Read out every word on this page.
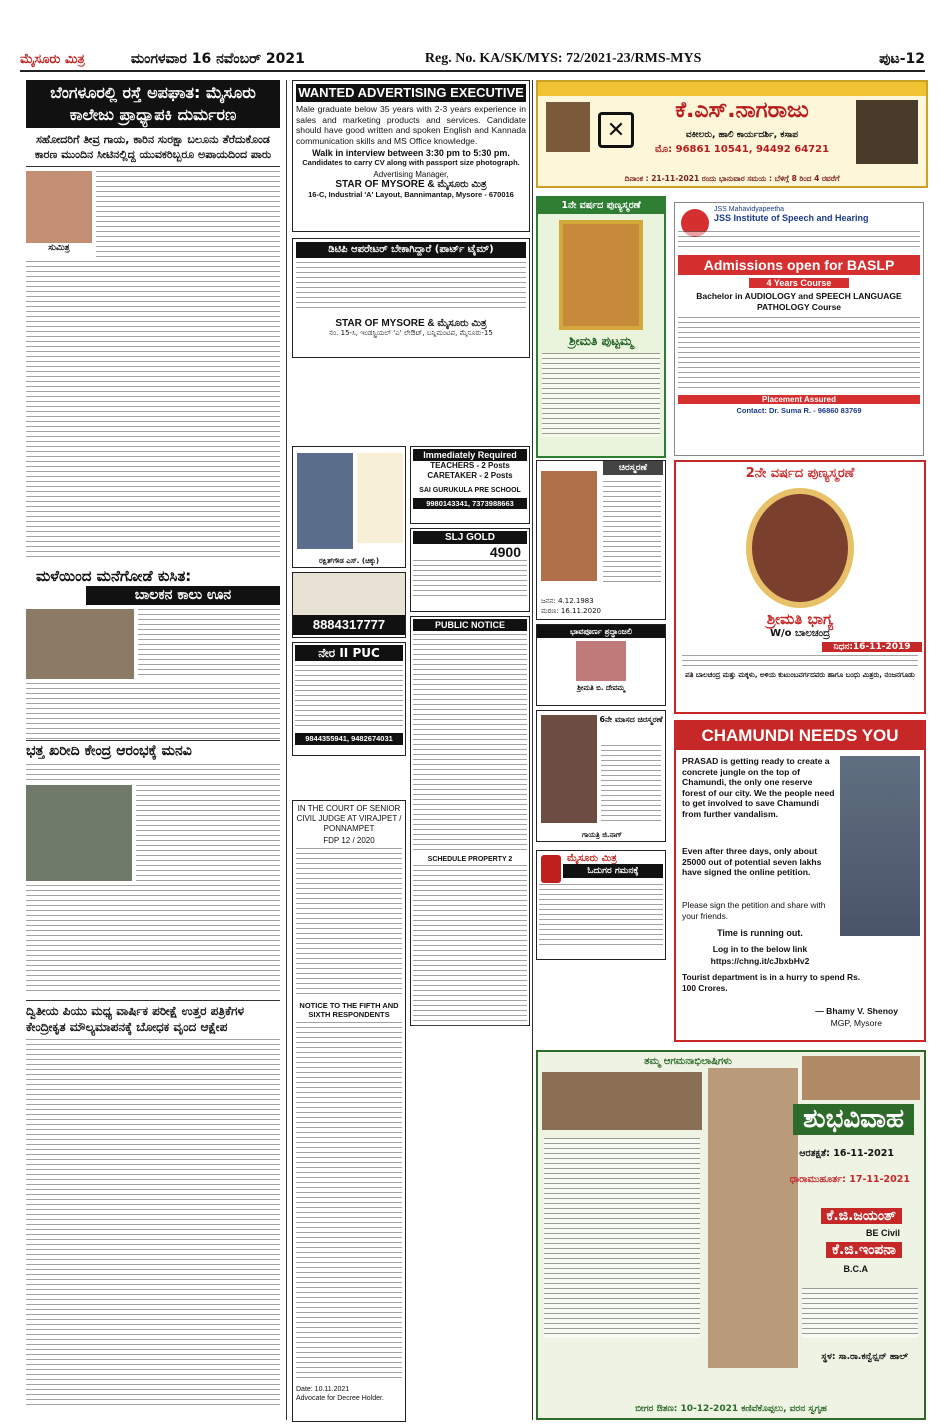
ಮೈಸೂರು ಮಿತ್ರ	ಮಂಗಳವಾರ 16 ನವೆಂಬರ್ 2021	Reg. No. KA/SK/MYS: 72/2021-23/RMS-MYS	ಪುಟ-12
ಬೆಂಗಳೂರಲ್ಲಿ ರಸ್ತೆ ಅಪಘಾತ: ಮೈಸೂರು ಕಾಲೇಜು ಪ್ರಾಧ್ಯಾಪಕಿ ದುರ್ಮರಣ
ಸಹೋದರಿಗೆ ತೀವ್ರ ಗಾಯ, ಕಾರಿನ ಸುರಕ್ಷಾ ಬಲೂನು ತೆರೆದುಕೊಂಡ ಕಾರಣ ಮುಂದಿನ ಸೀಟಿನಲ್ಲಿದ್ದ ಯುವಕರಿಬ್ಬರೂ ಅಪಾಯದಿಂದ ಪಾರು
ಸುಮಿತ್ರ
ಮಳೆಯಿಂದ ಮನೆಗೋಡೆ ಕುಸಿತ:
ಬಾಲಕನ ಕಾಲು ಊನ
ಭತ್ತ ಖರೀದಿ ಕೇಂದ್ರ ಆರಂಭಕ್ಕೆ ಮನವಿ
ದ್ವಿತೀಯ ಪಿಯು ಮಧ್ಯ ವಾರ್ಷಿಕ ಪರೀಕ್ಷೆ ಉತ್ತರ ಪತ್ರಿಕೆಗಳ ಕೇಂದ್ರೀಕೃತ ಮೌಲ್ಯಮಾಪನಕ್ಕೆ ಬೋಧಕ ವೃಂದ ಆಕ್ಷೇಪ
WANTED ADVERTISING EXECUTIVE
Male graduate below 35 years with 2-3 years experience in sales and marketing products and services. Candidate should have good written and spoken English and Kannada communication skills and MS Office knowledge.
Walk in interview between 3:30 pm to 5:30 pm.
Candidates to carry CV along with passport size photograph.
Advertising Manager,
STAR OF MYSORE & ಮೈಸೂರು ಮಿತ್ರ
16-C, Industrial 'A' Layout, Bannimantap, Mysore - 670016
ಡಿಟಿಪಿ ಆಪರೇಟರ್ ಬೇಕಾಗಿದ್ದಾರೆ (ಪಾರ್ಟ್ ಟೈಮ್)
STAR OF MYSORE & ಮೈಸೂರು ಮಿತ್ರ
ನಂ. 15-ಸಿ, ಇಂಡಸ್ಟ್ರಿಯಲ್ 'ಎ' ಲೇಔಟ್, ಬನ್ನಿಮಂಟಪ, ಮೈಸೂರು-15
ರಕ್ಷಿತ್‌ಗೌಡ ಎಸ್. (ಚಿಕ್ಕು)
Immediately Required
TEACHERS - 2 Posts CARETAKER - 2 Posts
SAI GURUKULA PRE SCHOOL
9980143341, 7373988663
SLJ GOLD
4900
8884317777
ನೇರ II PUC
9844355941, 9482674031
PUBLIC NOTICE
SCHEDULE PROPERTY 2
IN THE COURT OF SENIOR CIVIL JUDGE AT VIRAJPET / PONNAMPET
FDP 12 / 2020
NOTICE TO THE FIFTH AND SIXTH RESPONDENTS
Date: 10.11.2021
Advocate for Decree Holder.
✕
ಕೆ.ಎಸ್.ನಾಗರಾಜು
ವಕೀಲರು, ಹಾಲಿ ಕಾರ್ಯದರ್ಶಿ, ಕಸಾಪ
ಮೊ: 96861 10541, 94492 64721
ದಿನಾಂಕ : 21-11-2021 ರಂದು ಭಾನುವಾರ ಸಮಯ : ಬೆಳಿಗ್ಗೆ 8 ರಿಂದ 4 ರವರೆಗೆ
1ನೇ ವರ್ಷದ ಪುಣ್ಯಸ್ಮರಣೆ
ಶ್ರೀಮತಿ ಪುಟ್ಟಮ್ಮ
JSS Mahavidyapeetha
JSS Institute of Speech and Hearing
Admissions open for BASLP
4 Years Course
Bachelor in AUDIOLOGY and SPEECH LANGUAGE PATHOLOGY Course
Placement Assured
Contact: Dr. Suma R. - 96860 83769
ಚಿರಸ್ಮರಣೆ
ಜನನ: 4.12.1983
ಮರಣ: 16.11.2020
ಭಾವಪೂರ್ಣ ಶ್ರದ್ಧಾಂಜಲಿ
ಶ್ರೀಮತಿ ಬಿ. ದೇವಮ್ಮ
6ನೇ ಮಾಸದ ಚಿರಸ್ಮರಣೆ
ಗಾಯತ್ರಿ ಜಿ.ನಾಗ್
ಮೈಸೂರು ಮಿತ್ರ
ಓದುಗರ ಗಮನಕ್ಕೆ
2ನೇ ವರ್ಷದ ಪುಣ್ಯಸ್ಮರಣೆ
ಶ್ರೀಮತಿ ಭಾಗ್ಯ
W/o ಬಾಲಚಂದ್ರ
ನಿಧನ:16-11-2019
ಪತಿ ಬಾಲಚಂದ್ರ ಮತ್ತು ಮಕ್ಕಳು, ಅಳಿಯ ಕುಟುಂಬವರ್ಗದವರು ಹಾಗೂ ಬಂಧು ಮಿತ್ರರು, ನಂಜನಗೂಡು
CHAMUNDI NEEDS YOU
PRASAD is getting ready to create a concrete jungle on the top of Chamundi, the only one reserve forest of our city. We the people need to get involved to save Chamundi from further vandalism.
Even after three days, only about 25000 out of potential seven lakhs have signed the online petition.
Please sign the petition and share with your friends.
Time is running out.
Log in to the below link
https://chng.it/cJbxbHv2
Tourist department is in a hurry to spend Rs. 100 Crores.
— Bhamy V. Shenoy
MGP, Mysore
ತಮ್ಮ ಆಗಮನಾಭಿಲಾಷಿಗಳು
ಶುಭವಿವಾಹ
ಆರತಕ್ಷತೆ: 16-11-2021
ಧಾರಾಮುಹೂರ್ತ: 17-11-2021
ಕೆ.ಜಿ.ಜಯಂತ್
BE Civil
ಕೆ.ಜಿ.ಇಂಪನಾ
B.C.A
ಸ್ಥಳ: ಸಾ.ರಾ.ಕನ್ವೆನ್ಷನ್ ಹಾಲ್
ಬೀಗರ ಔತಣ: 10-12-2021 ಕಣಿವೆಕೊಪ್ಪಲು, ವರನ ಸ್ವಗೃಹ
